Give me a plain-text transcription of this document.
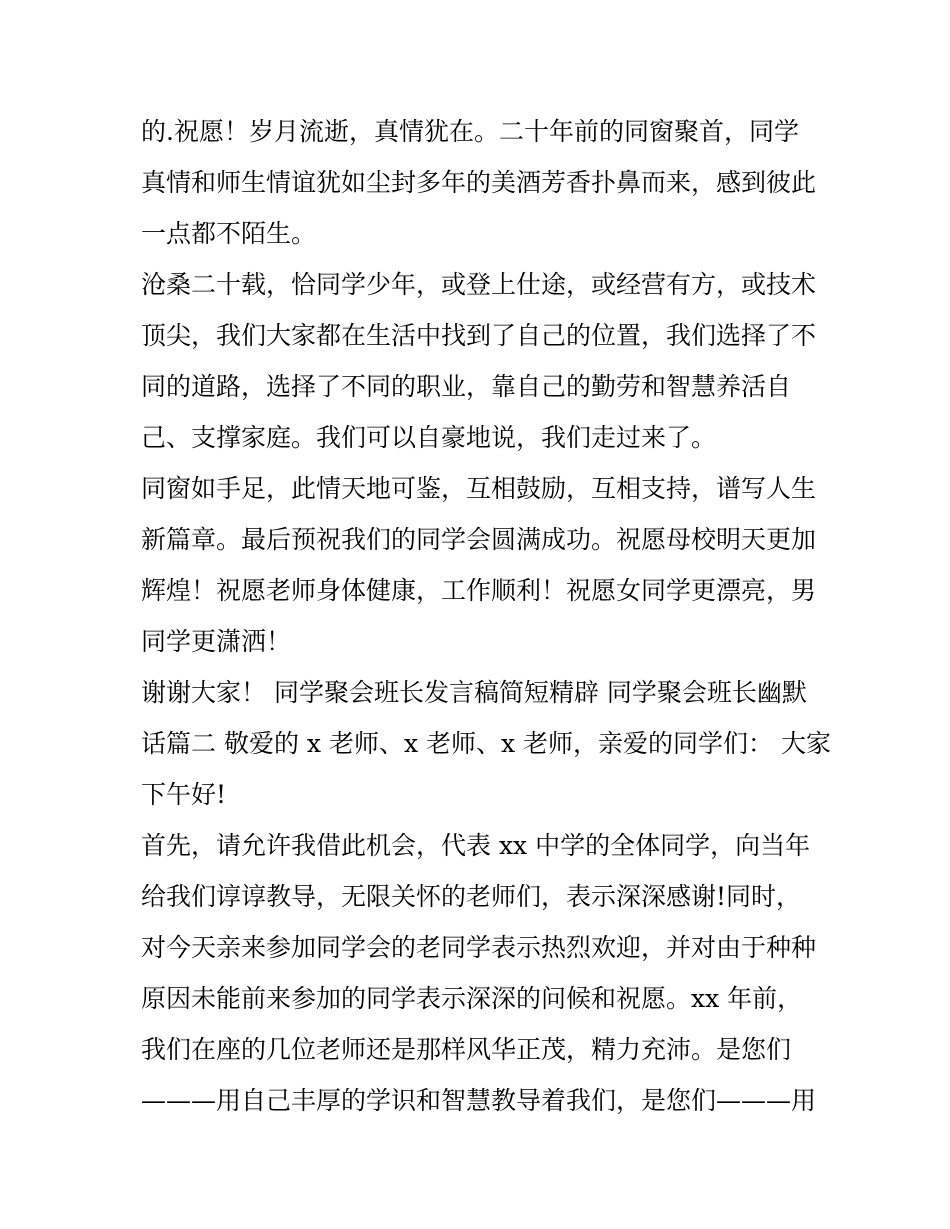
的.祝愿！岁月流逝，真情犹在。二十年前的同窗聚首，同学
真情和师生情谊犹如尘封多年的美酒芳香扑鼻而来，感到彼此
一点都不陌生。
沧桑二十载，恰同学少年，或登上仕途，或经营有方，或技术
顶尖，我们大家都在生活中找到了自己的位置，我们选择了不
同的道路，选择了不同的职业，靠自己的勤劳和智慧养活自
己、支撑家庭。我们可以自豪地说，我们走过来了。
同窗如手足，此情天地可鉴，互相鼓励，互相支持，谱写人生
新篇章。最后预祝我们的同学会圆满成功。祝愿母校明天更加
辉煌！祝愿老师身体健康，工作顺利！祝愿女同学更漂亮，男
同学更潇洒！
谢谢大家！ 同学聚会班长发言稿简短精辟 同学聚会班长幽默
话篇二 敬爱的 x 老师、x 老师、x 老师，亲爱的同学们： 大家
下午好!
首先，请允许我借此机会，代表 xx 中学的全体同学，向当年
给我们谆谆教导，无限关怀的老师们，表示深深感谢!同时，
对今天亲来参加同学会的老同学表示热烈欢迎，并对由于种种
原因未能前来参加的同学表示深深的问候和祝愿。xx 年前，
我们在座的几位老师还是那样风华正茂，精力充沛。是您们
———用自己丰厚的学识和智慧教导着我们，是您们———用
